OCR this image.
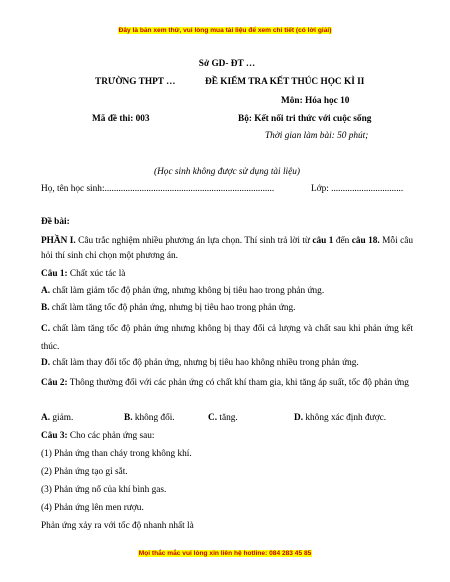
Đây là bản xem thử, vui lòng mua tài liệu để xem chi tiết (có lời giải)
Sở GD- ĐT …
TRƯỜNG THPT …	ĐỀ KIỂM TRA KẾT THÚC HỌC KÌ II
Môn: Hóa học 10
Mã đề thi: 003	Bộ: Kết nối tri thức với cuộc sống
Thời gian làm bài: 50 phút;
(Học sinh không được sử dụng tài liệu)
Họ, tên học sinh:.........................................................................	Lớp: ...............................
Đề bài:
PHẦN I. Câu trắc nghiệm nhiều phương án lựa chọn. Thí sinh trả lời từ câu 1 đến câu 18. Mỗi câu hỏi thí sinh chỉ chọn một phương án.
Câu 1: Chất xúc tác là
A. chất làm giảm tốc độ phản ứng, nhưng không bị tiêu hao trong phản ứng.
B. chất làm tăng tốc độ phản ứng, nhưng bị tiêu hao trong phản ứng.
C. chất làm tăng tốc độ phản ứng nhưng không bị thay đổi cả lượng và chất sau khi phản ứng kết thúc.
D. chất làm thay đổi tốc độ phản ứng, nhưng bị tiêu hao không nhiều trong phản ứng.
Câu 2: Thông thường đối với các phản ứng có chất khí tham gia, khi tăng áp suất, tốc độ phản ứng
A. giảm.	B. không đổi.	C. tăng.	D. không xác định được.
Câu 3: Cho các phản ứng sau:
(1) Phản ứng than cháy trong không khí.
(2) Phản ứng tạo gỉ sắt.
(3) Phản ứng nổ của khí bình gas.
(4) Phản ứng lên men rượu.
Phản ứng xảy ra với tốc độ nhanh nhất là
Mọi thắc mắc vui lòng xin liên hệ hotline: 084 283 45 85
